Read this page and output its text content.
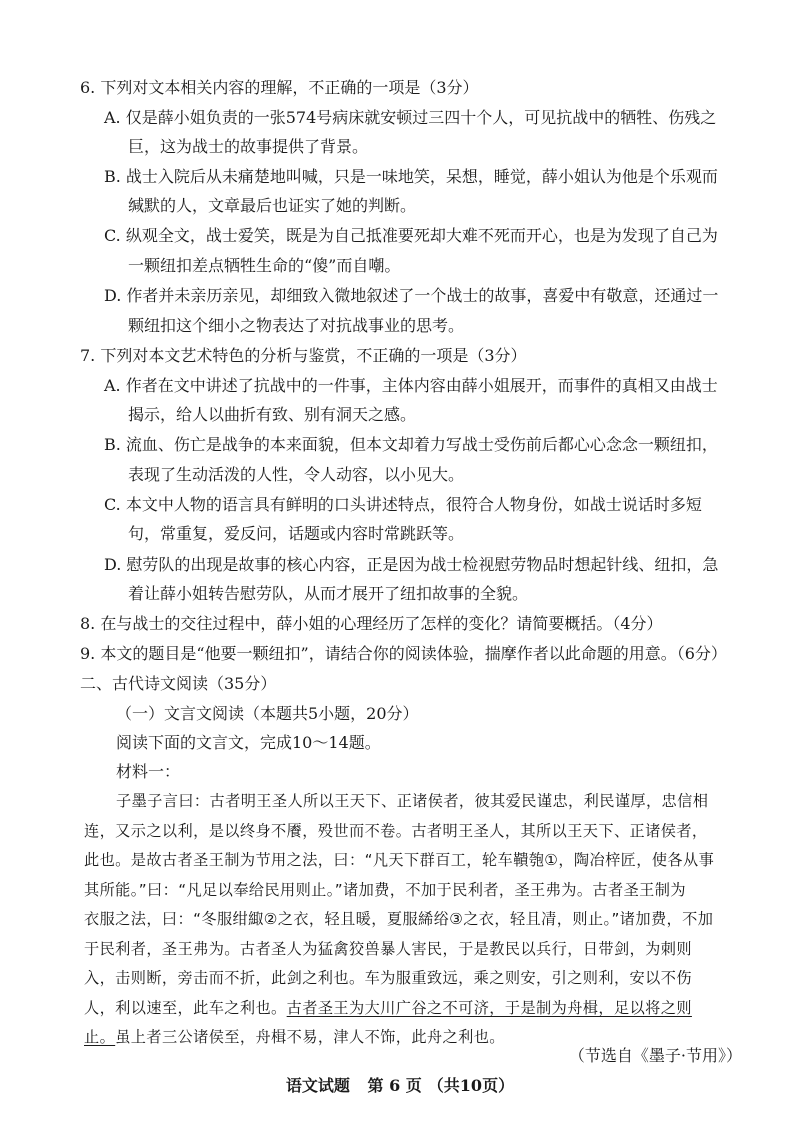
6. 下列对文本相关内容的理解，不正确的一项是（3分）
A. 仅是薛小姐负责的一张574号病床就安顿过三四十个人，可见抗战中的牺牲、伤残之
巨，这为战士的故事提供了背景。
B. 战士入院后从未痛楚地叫喊，只是一味地笑，呆想，睡觉，薛小姐认为他是个乐观而
缄默的人，文章最后也证实了她的判断。
C. 纵观全文，战士爱笑，既是为自己抵准要死却大难不死而开心，也是为发现了自己为
一颗纽扣差点牺牲生命的“傻”而自嘲。
D. 作者并未亲历亲见，却细致入微地叙述了一个战士的故事，喜爱中有敬意，还通过一
颗纽扣这个细小之物表达了对抗战事业的思考。
7. 下列对本文艺术特色的分析与鉴赏，不正确的一项是（3分）
A. 作者在文中讲述了抗战中的一件事，主体内容由薛小姐展开，而事件的真相又由战士
揭示，给人以曲折有致、别有洞天之感。
B. 流血、伤亡是战争的本来面貌，但本文却着力写战士受伤前后都心心念念一颗纽扣，
表现了生动活泼的人性，令人动容，以小见大。
C. 本文中人物的语言具有鲜明的口头讲述特点，很符合人物身份，如战士说话时多短
句，常重复，爱反问，话题或内容时常跳跃等。
D. 慰劳队的出现是故事的核心内容，正是因为战士检视慰劳物品时想起针线、纽扣，急
着让薛小姐转告慰劳队，从而才展开了纽扣故事的全貌。
8. 在与战士的交往过程中，薛小姐的心理经历了怎样的变化？请简要概括。（4分）
9. 本文的题目是“他要一颗纽扣”，请结合你的阅读体验，揣摩作者以此命题的用意。（6分）
二、古代诗文阅读（35分）
（一）文言文阅读（本题共5小题，20分）
阅读下面的文言文，完成10～14题。
材料一：
子墨子言曰：古者明王圣人所以王天下、正诸侯者，彼其爱民谨忠，利民谨厚，忠信相
连，又示之以利，是以终身不餍，殁世而不卷。古者明王圣人，其所以王天下、正诸侯者，
此也。是故古者圣王制为节用之法，曰：“凡天下群百工，轮车鞼匏①，陶冶梓匠，使各从事
其所能。”曰：“凡足以奉给民用则止。”诸加费，不加于民利者，圣王弗为。古者圣王制为
衣服之法，曰：“冬服绀緅②之衣，轻且暖，夏服絺绤③之衣，轻且凊，则止。”诸加费，不加
于民利者，圣王弗为。古者圣人为猛禽狡兽暴人害民，于是教民以兵行，日带剑，为刺则
入，击则断，旁击而不折，此剑之利也。车为服重致远，乘之则安，引之则利，安以不伤
人，利以速至，此车之利也。古者圣王为大川广谷之不可济，于是制为舟楫，足以将之则
止。虽上者三公诸侯至，舟楫不易，津人不饰，此舟之利也。
（节选自《墨子·节用》）
语文试题 第 6 页 （共10页）
